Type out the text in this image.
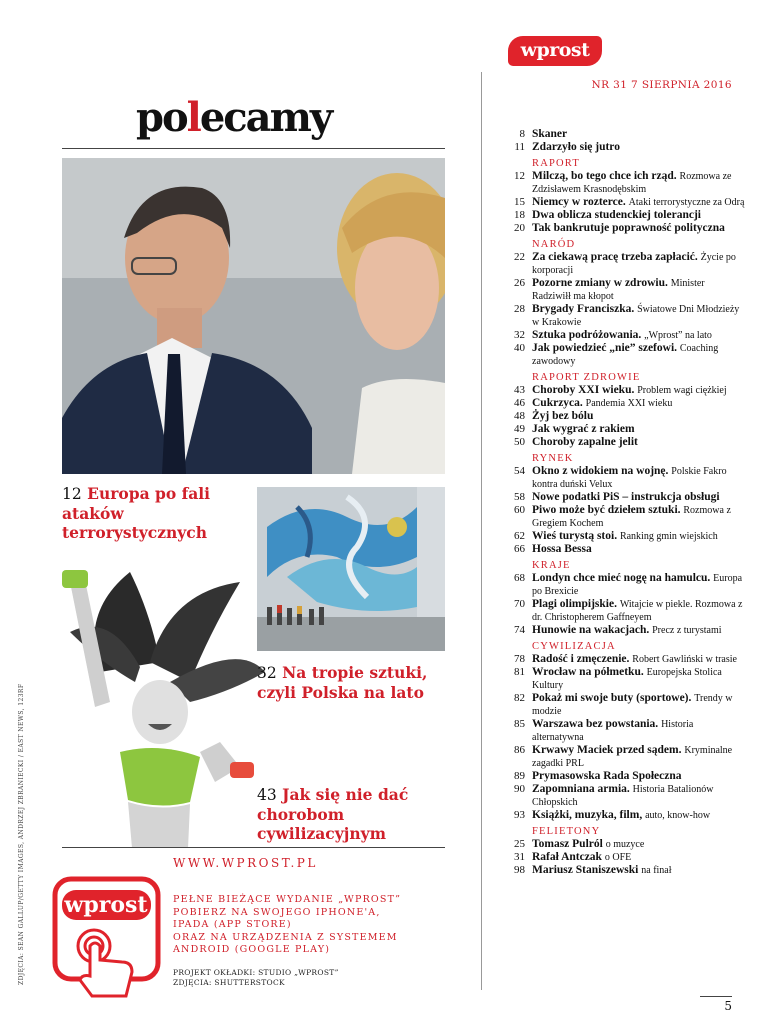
wprost
NR 31 7 SIERPNIA 2016
polecamy
12 Europa po fali ataków terrorystycznych
32 Na tropie sztuki, czyli Polska na lato
43 Jak się nie dać chorobom cywilizacyjnym
WWW.WPROST.PL
wprost	PEŁNE BIEŻĄCE WYDANIE „WPROST”
POBIERZ NA SWOJEGO IPHONE'A,
IPADA (APP STORE)
ORAZ NA URZĄDZENIA Z SYSTEMEM
ANDROID (GOOGLE PLAY)
PROJEKT OKŁADKI: STUDIO „WPROST”
ZDJĘCIA: SHUTTERSTOCK
ZDJĘCIA: SEAN GALLUP/GETTY IMAGES, ANDRZEJ ZBRANIECKI / EAST NEWS, 123RF
8 Skaner
11 Zdarzyło się jutro
RAPORT
12 Milczą, bo tego chce ich rząd. Rozmowa ze Zdzisławem Krasnodębskim
15 Niemcy w rozterce. Ataki terrorystyczne za Odrą
18 Dwa oblicza studenckiej tolerancji
20 Tak bankrutuje poprawność polityczna
NARÓD
22 Za ciekawą pracę trzeba zapłacić. Życie po korporacji
26 Pozorne zmiany w zdrowiu. Minister Radziwiłł ma kłopot
28 Brygady Franciszka. Światowe Dni Młodzieży w Krakowie
32 Sztuka podróżowania. „Wprost” na lato
40 Jak powiedzieć „nie” szefowi. Coaching zawodowy
RAPORT ZDROWIE
43 Choroby XXI wieku. Problem wagi ciężkiej
46 Cukrzyca. Pandemia XXI wieku
48 Żyj bez bólu
49 Jak wygrać z rakiem
50 Choroby zapalne jelit
RYNEK
54 Okno z widokiem na wojnę. Polskie Fakro kontra duński Velux
58 Nowe podatki PiS – instrukcja obsługi
60 Piwo może być dziełem sztuki. Rozmowa z Gregiem Kochem
62 Wieś turystą stoi. Ranking gmin wiejskich
66 Hossa Bessa
KRAJE
68 Londyn chce mieć nogę na hamulcu. Europa po Brexicie
70 Plagi olimpijskie. Witajcie w piekle. Rozmowa z dr. Christopherem Gaffneyem
74 Hunowie na wakacjach. Precz z turystami
CYWILIZACJA
78 Radość i zmęczenie. Robert Gawliński w trasie
81 Wrocław na półmetku. Europejska Stolica Kultury
82 Pokaż mi swoje buty (sportowe). Trendy w modzie
85 Warszawa bez powstania. Historia alternatywna
86 Krwawy Maciek przed sądem. Kryminalne zagadki PRL
89 Prymasowska Rada Społeczna
90 Zapomniana armia. Historia Batalionów Chłopskich
93 Książki, muzyka, film, auto, know-how
FELIETONY
25 Tomasz Pulról o muzyce
31 Rafał Antczak o OFE
98 Mariusz Staniszewski na finał
5
